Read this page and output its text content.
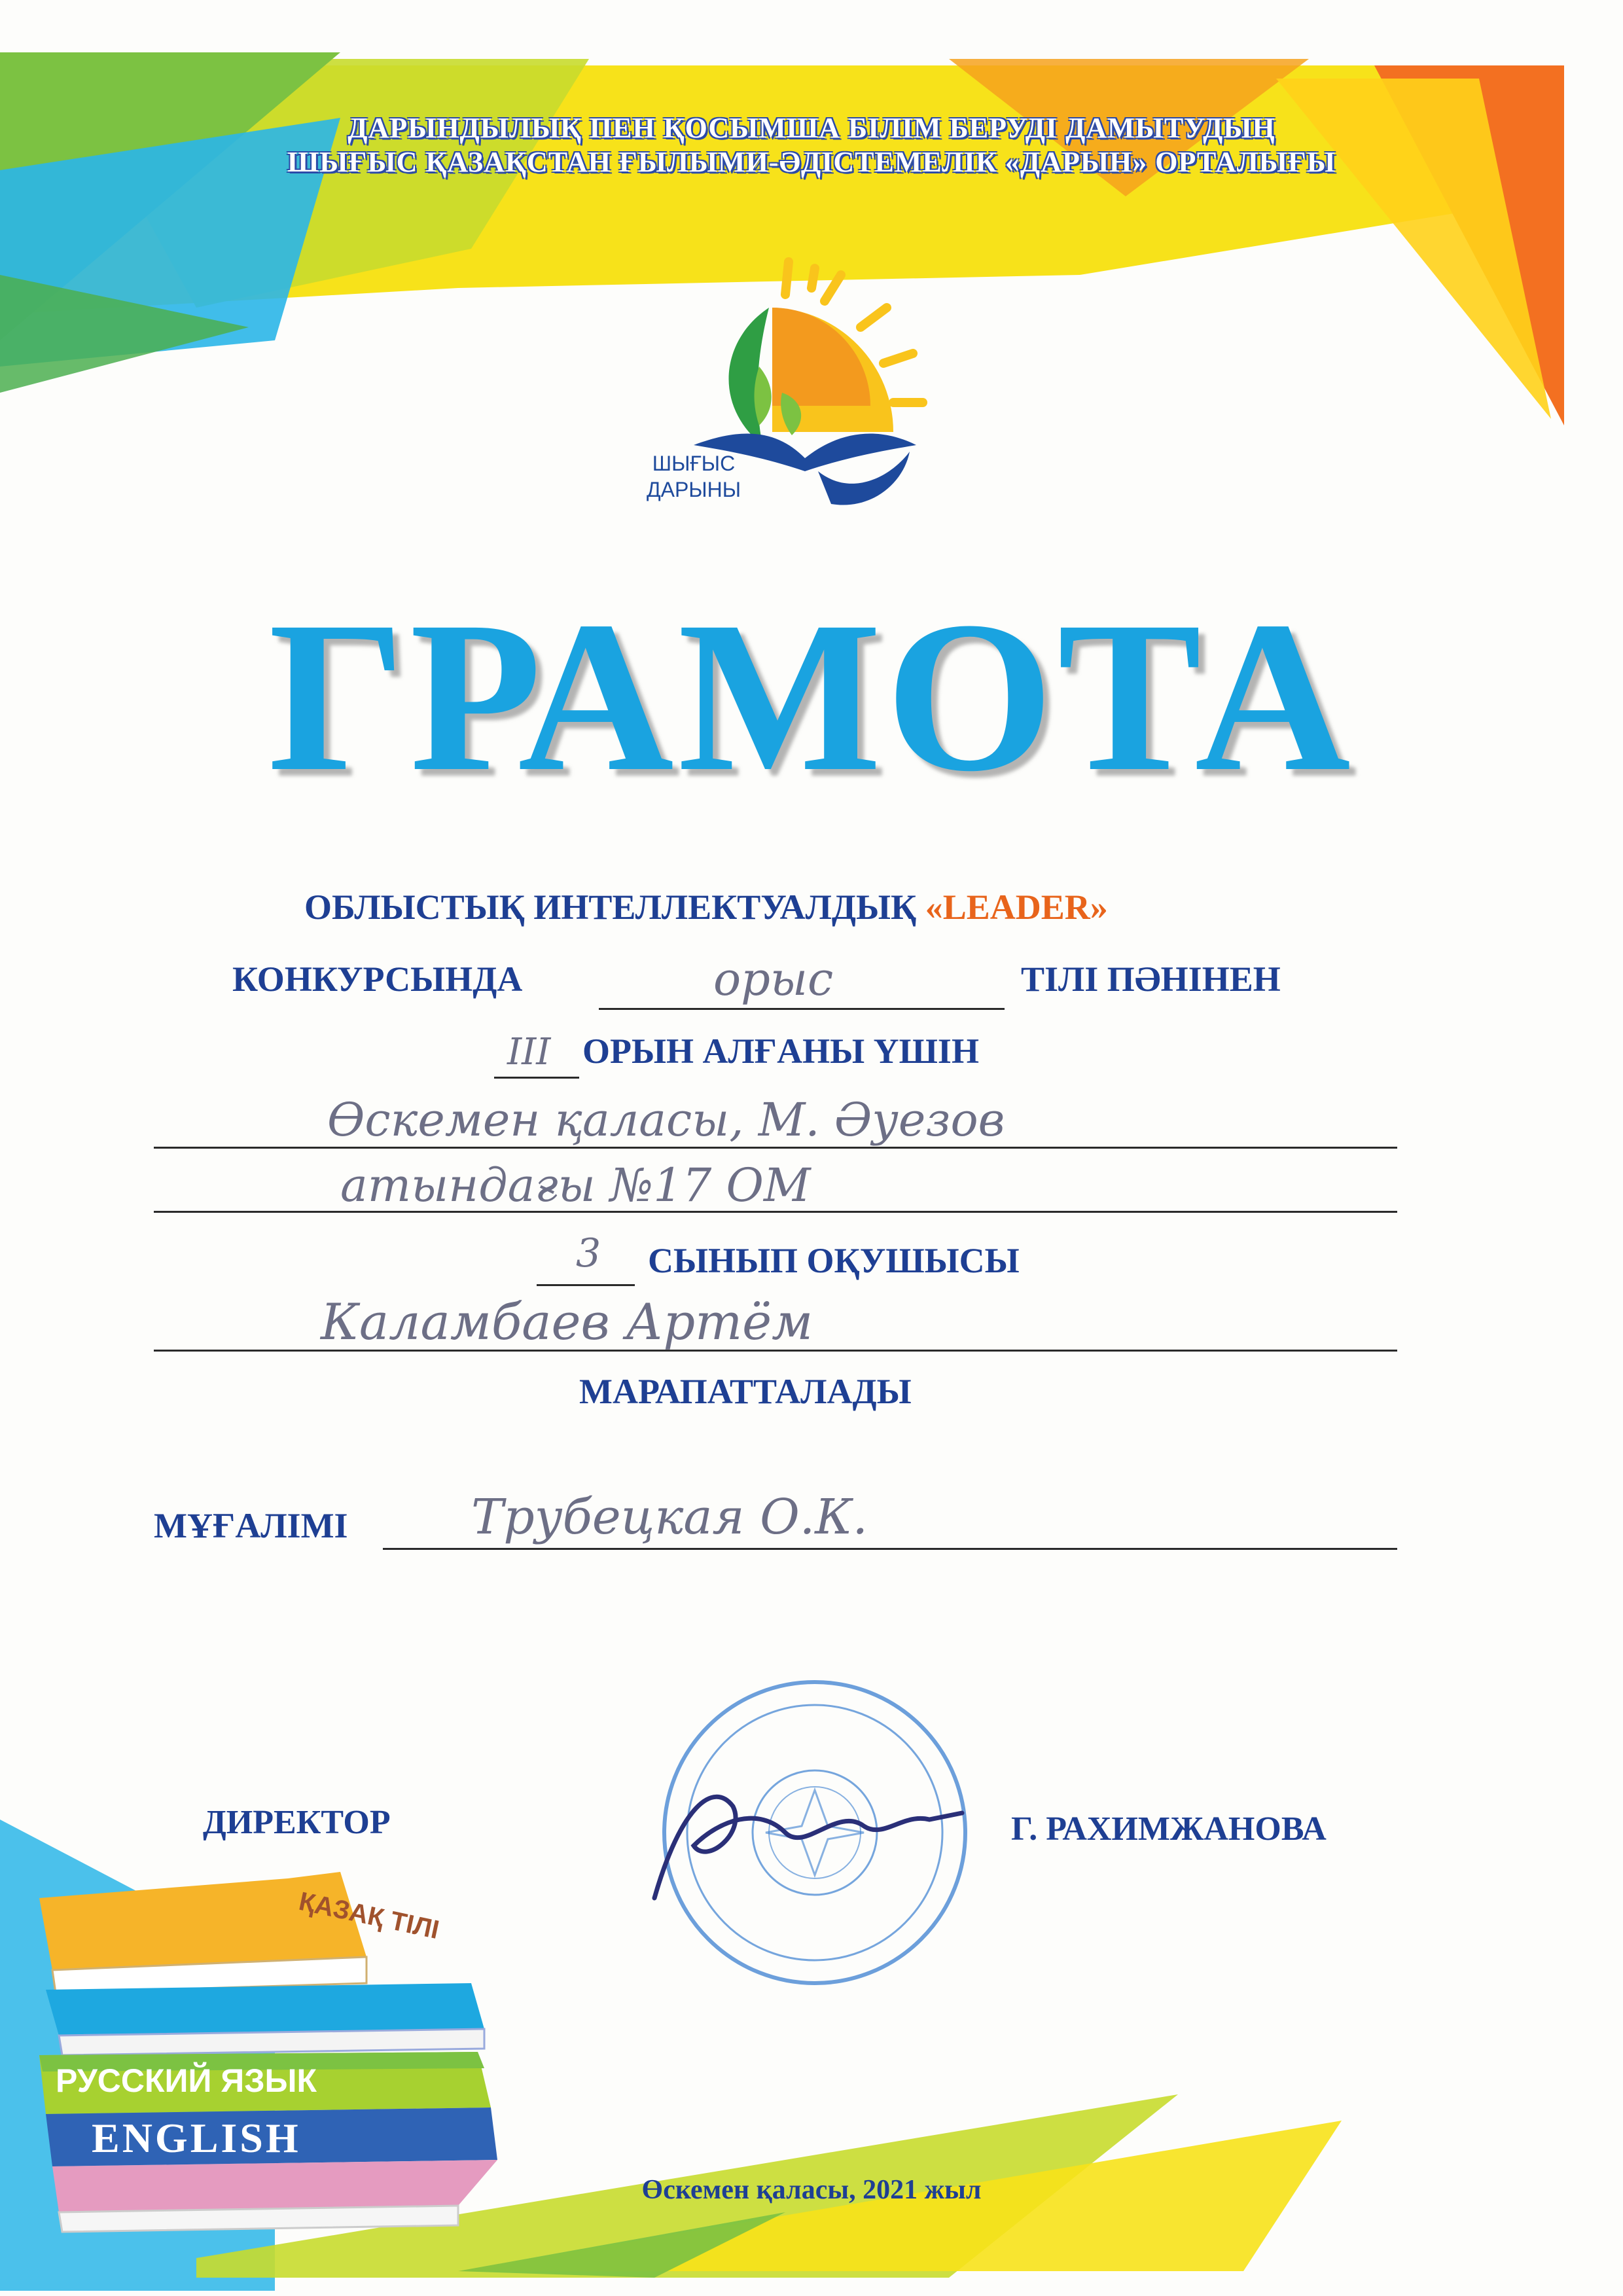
ДАРЫНДЫЛЫҚ ПЕН ҚОСЫМША БІЛІМ БЕРУДІ ДАМЫТУДЫҢ
ШЫҒЫС ҚАЗАҚСТАН ҒЫЛЫМИ-ӘДІСТЕМЕЛІК «ДАРЫН» ОРТАЛЫҒЫ
ШЫҒЫС
ДАРЫНЫ
ГРАМОТА
ОБЛЫСТЫҚ ИНТЕЛЛЕКТУАЛДЫҚ «LEADER»
КОНКУРСЫНДА	орыс	ТІЛІ ПӘНІНЕН
III ОРЫН АЛҒАНЫ ҮШІН
Өскемен қаласы, М. Әуезов
атындағы №17 ОМ
3 СЫНЫП ОҚУШЫСЫ
Каламбаев Артём
МАРАПАТТАЛАДЫ
МҰҒАЛІМІ	Трубецкая О.К.
ДИРЕКТОР	Г. РАХИМЖАНОВА
ҚАЗАҚ ТІЛІ
РУССКИЙ ЯЗЫК
ENGLISH
Өскемен қаласы, 2021 жыл
